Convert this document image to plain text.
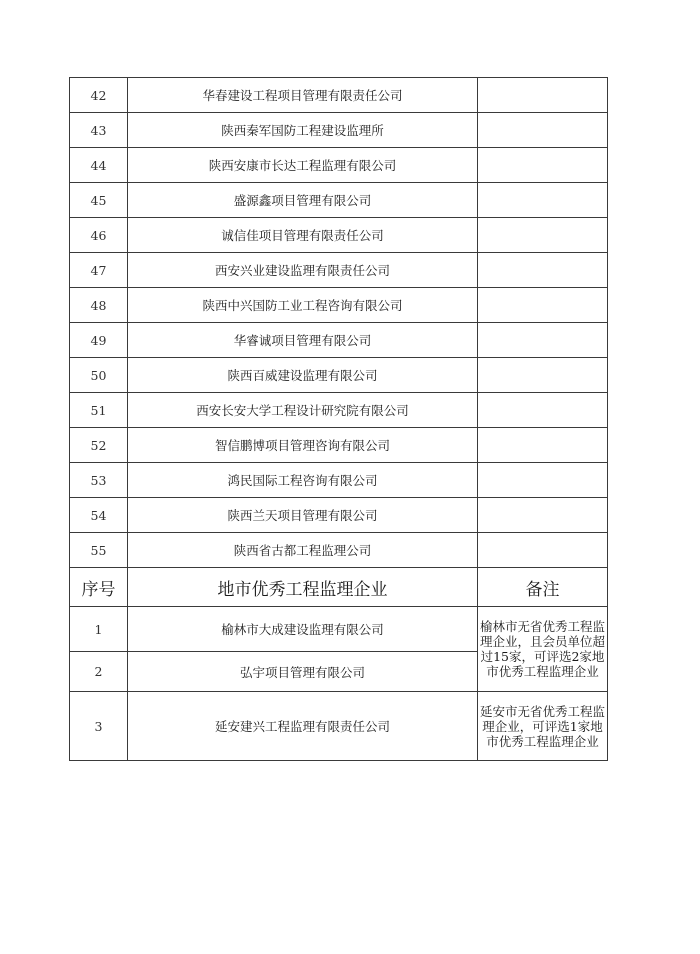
42	华春建设工程项目管理有限责任公司	
43	陕西秦军国防工程建设监理所	
44	陕西安康市长达工程监理有限公司	
45	盛源鑫项目管理有限公司	
46	诚信佳项目管理有限责任公司	
47	西安兴业建设监理有限责任公司	
48	陕西中兴国防工业工程咨询有限公司	
49	华睿诚项目管理有限公司	
50	陕西百威建设监理有限公司	
51	西安长安大学工程设计研究院有限公司	
52	智信鹏博项目管理咨询有限公司	
53	鸿民国际工程咨询有限公司	
54	陕西兰天项目管理有限公司	
55	陕西省古都工程监理公司	
序号	地市优秀工程监理企业	备注
1	榆林市大成建设监理有限公司	榆林市无省优秀工程监理企业，且会员单位超过15家，可评选2家地市优秀工程监理企业
2	弘宇项目管理有限公司	
3	延安建兴工程监理有限责任公司	延安市无省优秀工程监理企业，可评选1家地市优秀工程监理企业
